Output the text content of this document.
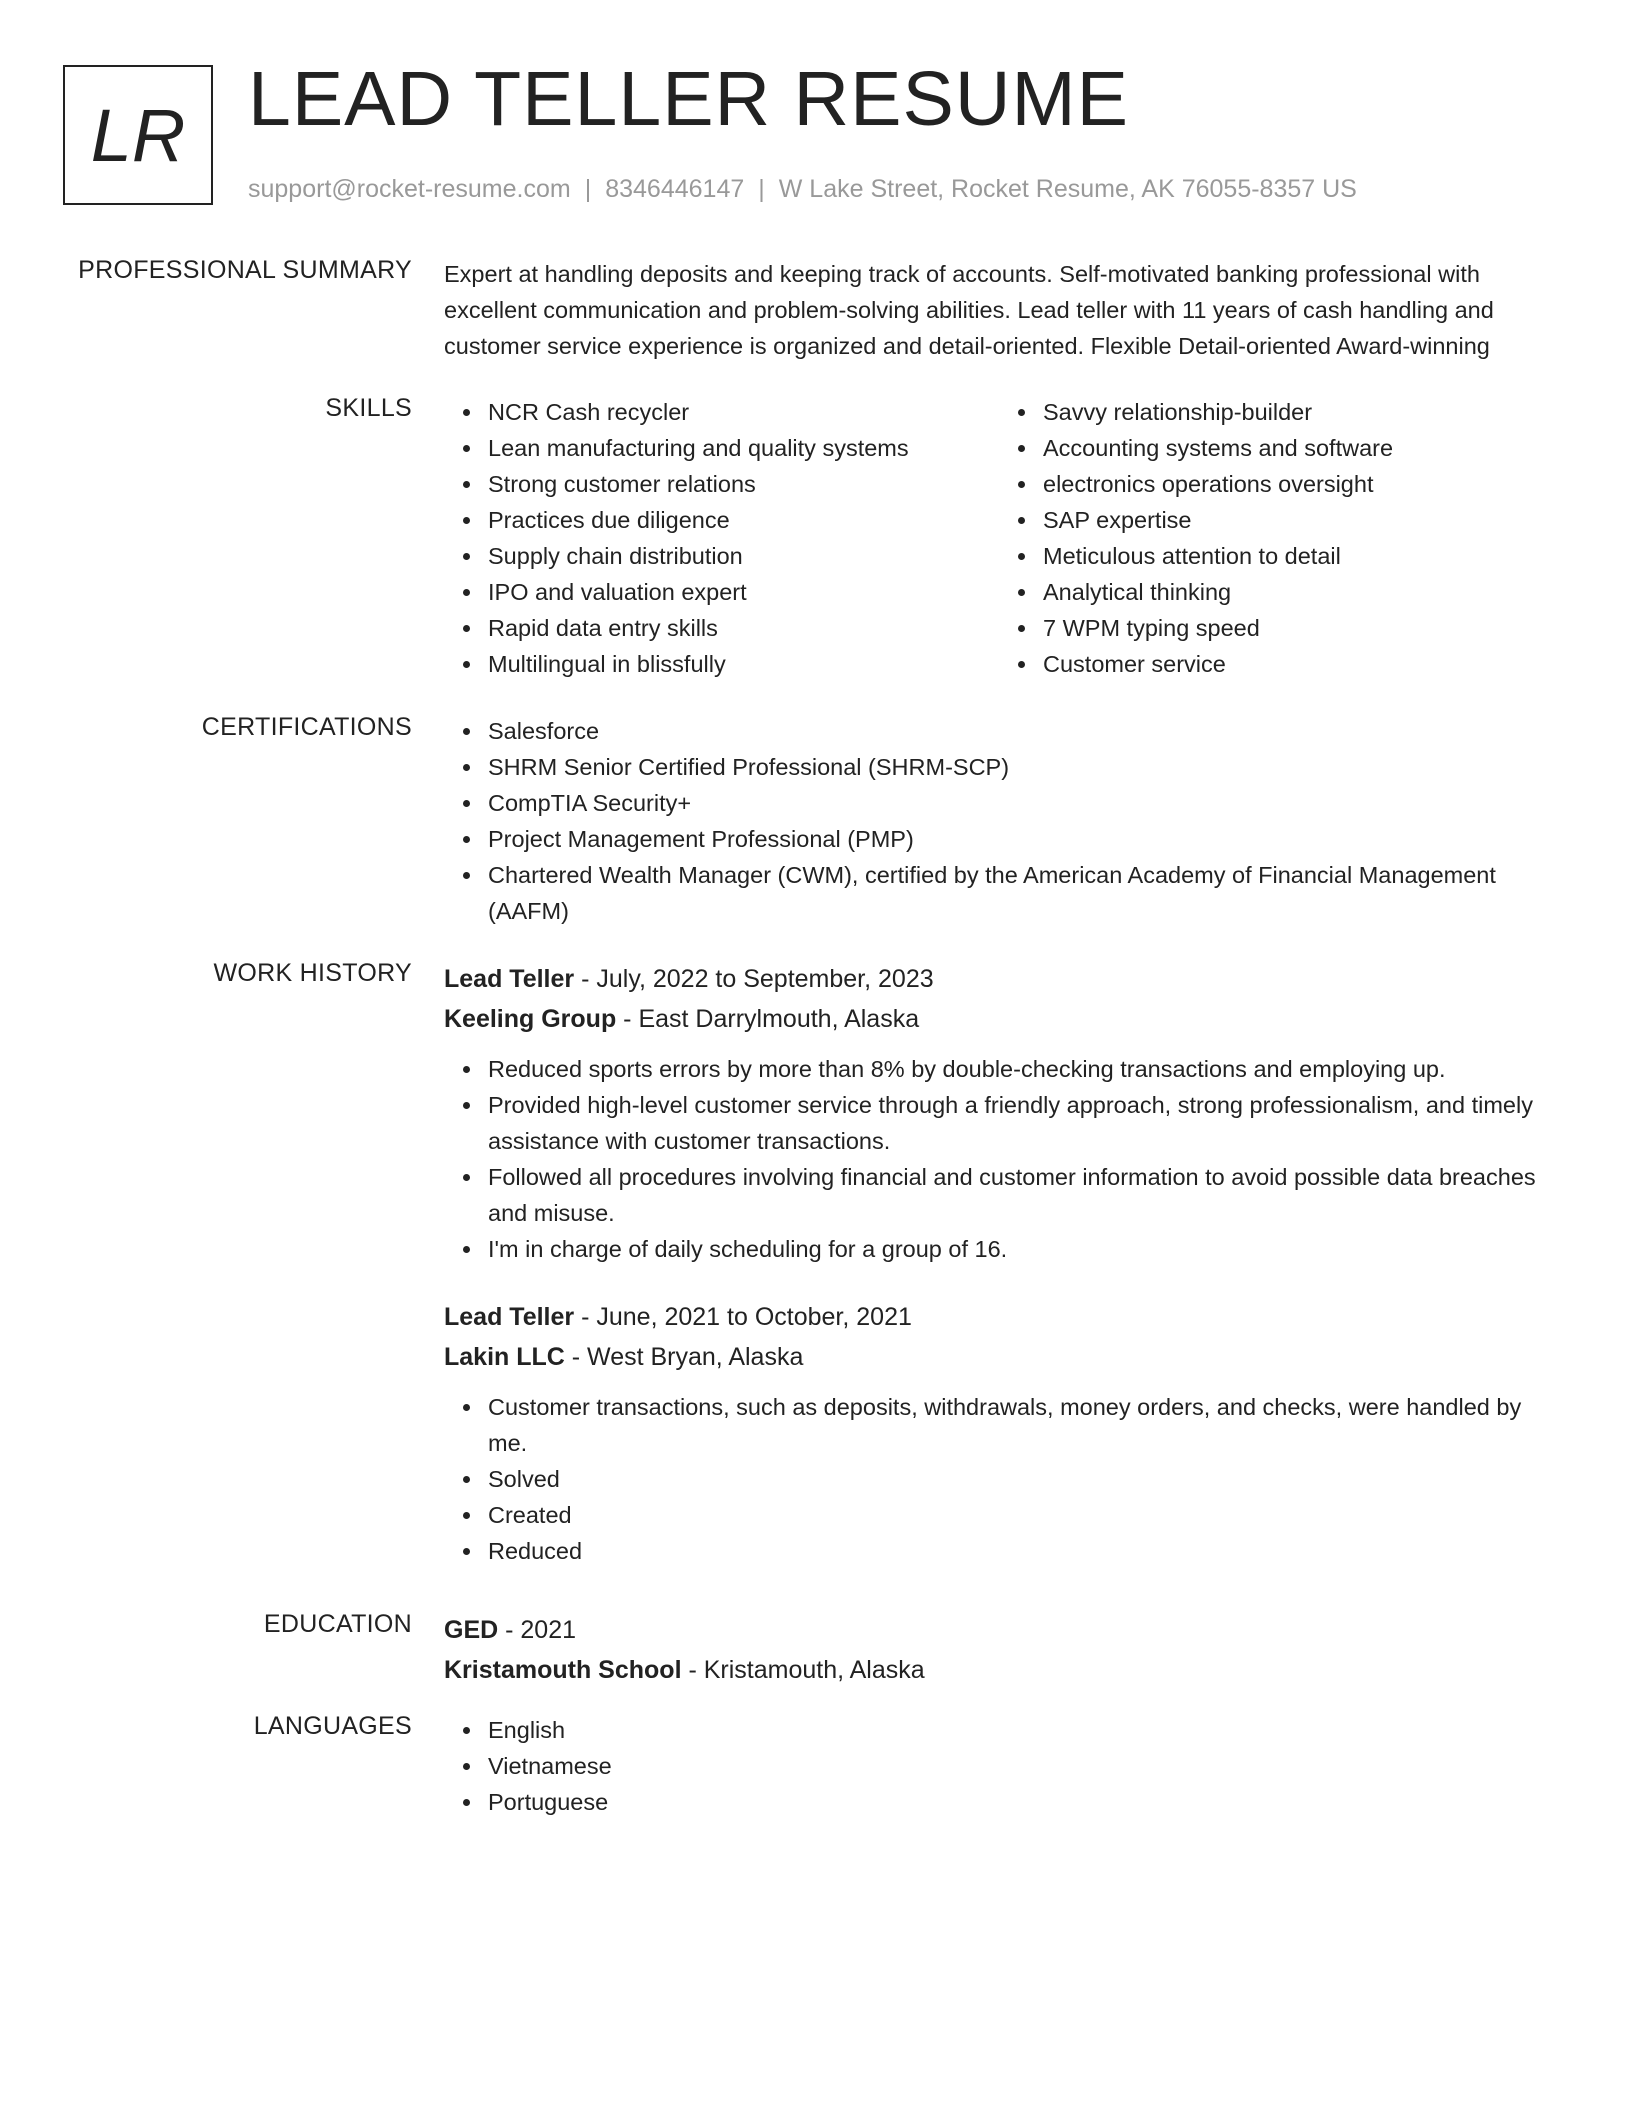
LR LEAD TELLER RESUME
support@rocket-resume.com | 8346446147 | W Lake Street, Rocket Resume, AK 76055-8357 US
PROFESSIONAL SUMMARY Expert at handling deposits and keeping track of accounts. Self-motivated banking professional with excellent communication and problem-solving abilities. Lead teller with 11 years of cash handling and customer service experience is organized and detail-oriented. Flexible Detail-oriented Award-winning

SKILLS	NCR Cash recycler
Lean manufacturing and quality systems
Strong customer relations
Practices due diligence
Supply chain distribution
IPO and valuation expert
Rapid data entry skills
Multilingual in blissfully
Savvy relationship-builder
Accounting systems and software
electronics operations oversight
SAP expertise
Meticulous attention to detail
Analytical thinking
7 WPM typing speed
Customer service
CERTIFICATIONS	Salesforce
SHRM Senior Certified Professional (SHRM-SCP)
CompTIA Security+
Project Management Professional (PMP)
Chartered Wealth Manager (CWM), certified by the American Academy of Financial Management (AAFM)
WORK HISTORY Lead Teller - July, 2022 to September, 2023
Keeling Group - East Darrylmouth, Alaska
Reduced sports errors by more than 8% by double-checking transactions and employing up.
Provided high-level customer service through a friendly approach, strong professionalism, and timely assistance with customer transactions.
Followed all procedures involving financial and customer information to avoid possible data breaches and misuse.
I'm in charge of daily scheduling for a group of 16.
Lead Teller - June, 2021 to October, 2021
Lakin LLC - West Bryan, Alaska
Customer transactions, such as deposits, withdrawals, money orders, and checks, were handled by me.
Solved
Created
Reduced
EDUCATION GED - 2021
Kristamouth School - Kristamouth, Alaska
LANGUAGES	English
Vietnamese
Portuguese
